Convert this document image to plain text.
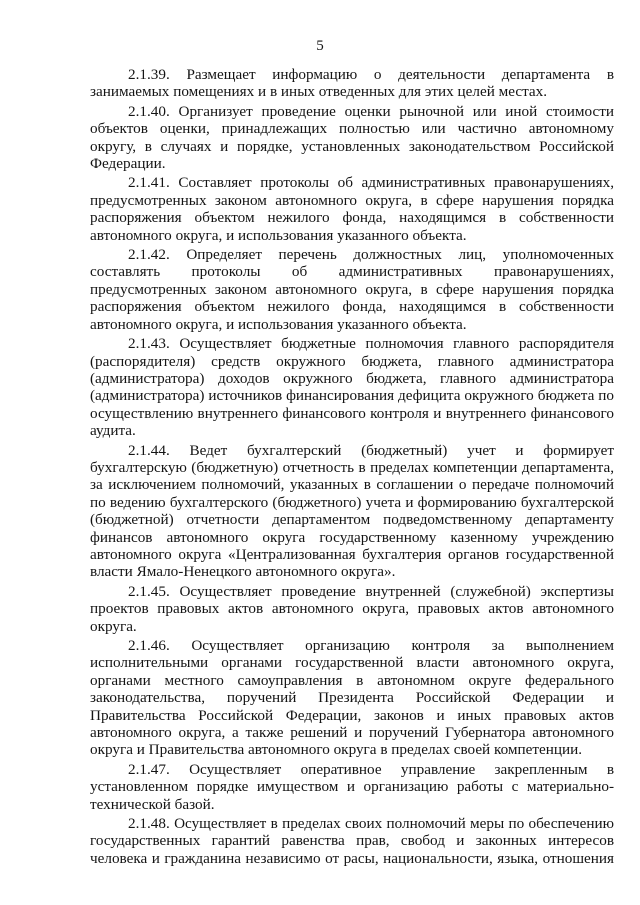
5

2.1.39. Размещает информацию о деятельности департамента в занимаемых помещениях и в иных отведенных для этих целей местах.

2.1.40. Организует проведение оценки рыночной или иной стоимости объектов оценки, принадлежащих полностью или частично автономному округу, в случаях и порядке, установленных законодательством Российской Федерации.

2.1.41. Составляет протоколы об административных правонарушениях, предусмотренных законом автономного округа, в сфере нарушения порядка распоряжения объектом нежилого фонда, находящимся в собственности автономного округа, и использования указанного объекта.

2.1.42. Определяет перечень должностных лиц, уполномоченных составлять протоколы об административных правонарушениях, предусмотренных законом автономного округа, в сфере нарушения порядка распоряжения объектом нежилого фонда, находящимся в собственности автономного округа, и использования указанного объекта.

2.1.43. Осуществляет бюджетные полномочия главного распорядителя (распорядителя) средств окружного бюджета, главного администратора (администратора) доходов окружного бюджета, главного администратора (администратора) источников финансирования дефицита окружного бюджета по осуществлению внутреннего финансового контроля и внутреннего финансового аудита.

2.1.44. Ведет бухгалтерский (бюджетный) учет и формирует бухгалтерскую (бюджетную) отчетность в пределах компетенции департамента, за исключением полномочий, указанных в соглашении о передаче полномочий по ведению бухгалтерского (бюджетного) учета и формированию бухгалтерской (бюджетной) отчетности департаментом подведомственному департаменту финансов автономного округа государственному казенному учреждению автономного округа «Централизованная бухгалтерия органов государственной власти Ямало-Ненецкого автономного округа».

2.1.45. Осуществляет проведение внутренней (служебной) экспертизы проектов правовых актов автономного округа, правовых актов автономного округа.

2.1.46. Осуществляет организацию контроля за выполнением исполнительными органами государственной власти автономного округа, органами местного самоуправления в автономном округе федерального законодательства, поручений Президента Российской Федерации и Правительства Российской Федерации, законов и иных правовых актов автономного округа, а также решений и поручений Губернатора автономного округа и Правительства автономного округа в пределах своей компетенции.

2.1.47. Осуществляет оперативное управление закрепленным в установленном порядке имуществом и организацию работы с материально-технической базой.

2.1.48. Осуществляет в пределах своих полномочий меры по обеспечению государственных гарантий равенства прав, свобод и законных интересов человека и гражданина независимо от расы, национальности, языка, отношения
